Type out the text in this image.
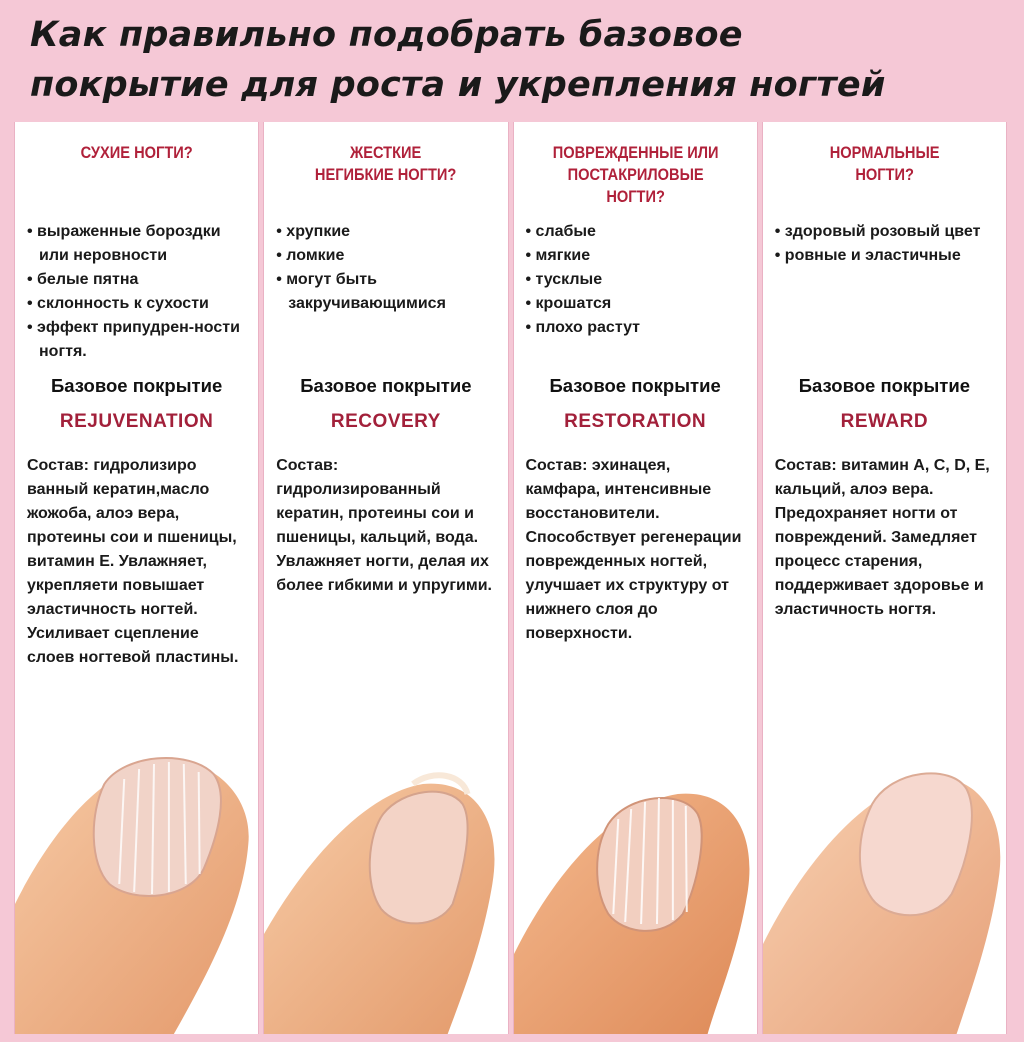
Как правильно подобрать базовое
покрытие для роста и укрепления ногтей
СУХИЕ НОГТИ?
• выраженные бороздки или неровности
• белые пятна
• склонность к сухости
• эффект припудрен-ности ногтя.
Базовое покрытие
REJUVENATION
Состав: гидролизиро ванный кератин,масло жожоба, алоэ вера, протеины сои и пшеницы, витамин Е. Увлажняет, укрепляети повышает эластичность ногтей. Усиливает сцепление слоев ногтевой пластины.
ЖЕСТКИЕ
НЕГИБКИЕ НОГТИ?
• хрупкие
• ломкие
• могут быть закручивающимися
Базовое покрытие
RECOVERY
Состав: гидролизированный кератин, протеины сои и пшеницы, кальций, вода. Увлажняет ногти, делая их более гибкими и упругими.
ПОВРЕЖДЕННЫЕ ИЛИ
ПОСТАКРИЛОВЫЕ
НОГТИ?
• слабые
• мягкие
• тусклые
• крошатся
• плохо растут
Базовое покрытие
RESTORATION
Состав: эхинацея, камфара, интенсивные восстановители. Способствует регенерации поврежденных ногтей, улучшает их структуру от нижнего слоя до поверхности.
НОРМАЛЬНЫЕ
НОГТИ?
• здоровый розовый цвет
• ровные и эластичные
Базовое покрытие
REWARD
Состав: витамин А, С, D, Е, кальций, алоэ вера. Предохраняет ногти от повреждений. Замедляет процесс старения, поддерживает здоровье и эластичность ногтя.
